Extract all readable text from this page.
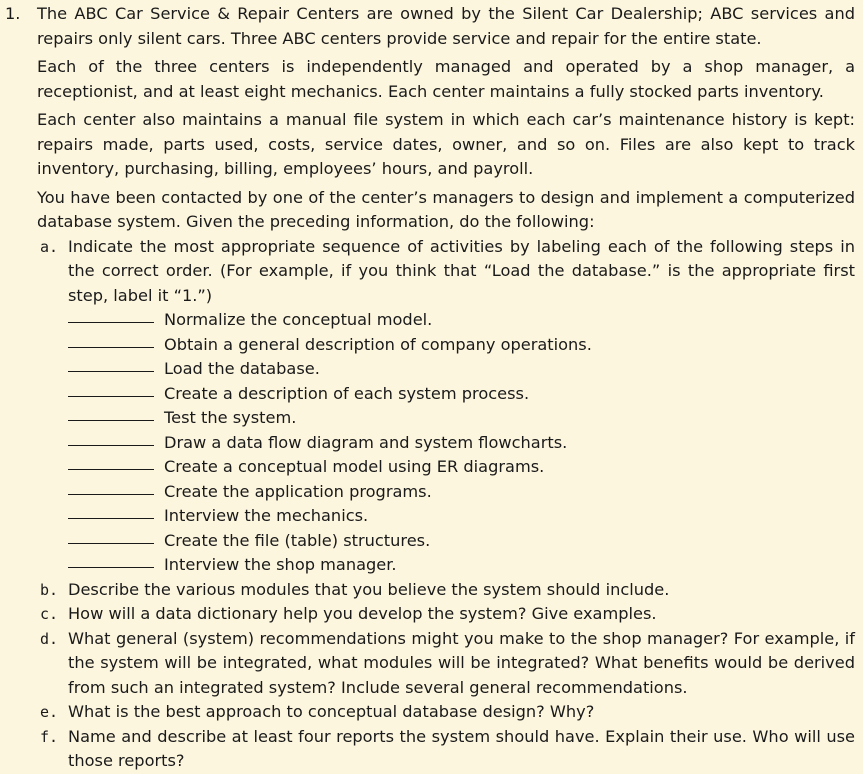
1. The ABC Car Service & Repair Centers are owned by the Silent Car Dealership; ABC services and repairs only silent cars. Three ABC centers provide service and repair for the entire state.

Each of the three centers is independently managed and operated by a shop manager, a receptionist, and at least eight mechanics. Each center maintains a fully stocked parts inventory.

Each center also maintains a manual file system in which each car’s maintenance history is kept: repairs made, parts used, costs, service dates, owner, and so on. Files are also kept to track inventory, purchasing, billing, employees’ hours, and payroll.

You have been contacted by one of the center’s managers to design and implement a computerized database system. Given the preceding information, do the following:

a. Indicate the most appropriate sequence of activities by labeling each of the following steps in the correct order. (For example, if you think that “Load the database.” is the appropriate first step, label it “1.”)
Normalize the conceptual model.
Obtain a general description of company operations.
Load the database.
Create a description of each system process.
Test the system.
Draw a data flow diagram and system flowcharts.
Create a conceptual model using ER diagrams.
Create the application programs.
Interview the mechanics.
Create the file (table) structures.
Interview the shop manager.
b. Describe the various modules that you believe the system should include.
c. How will a data dictionary help you develop the system? Give examples.
d. What general (system) recommendations might you make to the shop manager? For example, if the system will be integrated, what modules will be integrated? What benefits would be derived from such an integrated system? Include several general recommendations.
e. What is the best approach to conceptual database design? Why?
f. Name and describe at least four reports the system should have. Explain their use. Who will use those reports?
